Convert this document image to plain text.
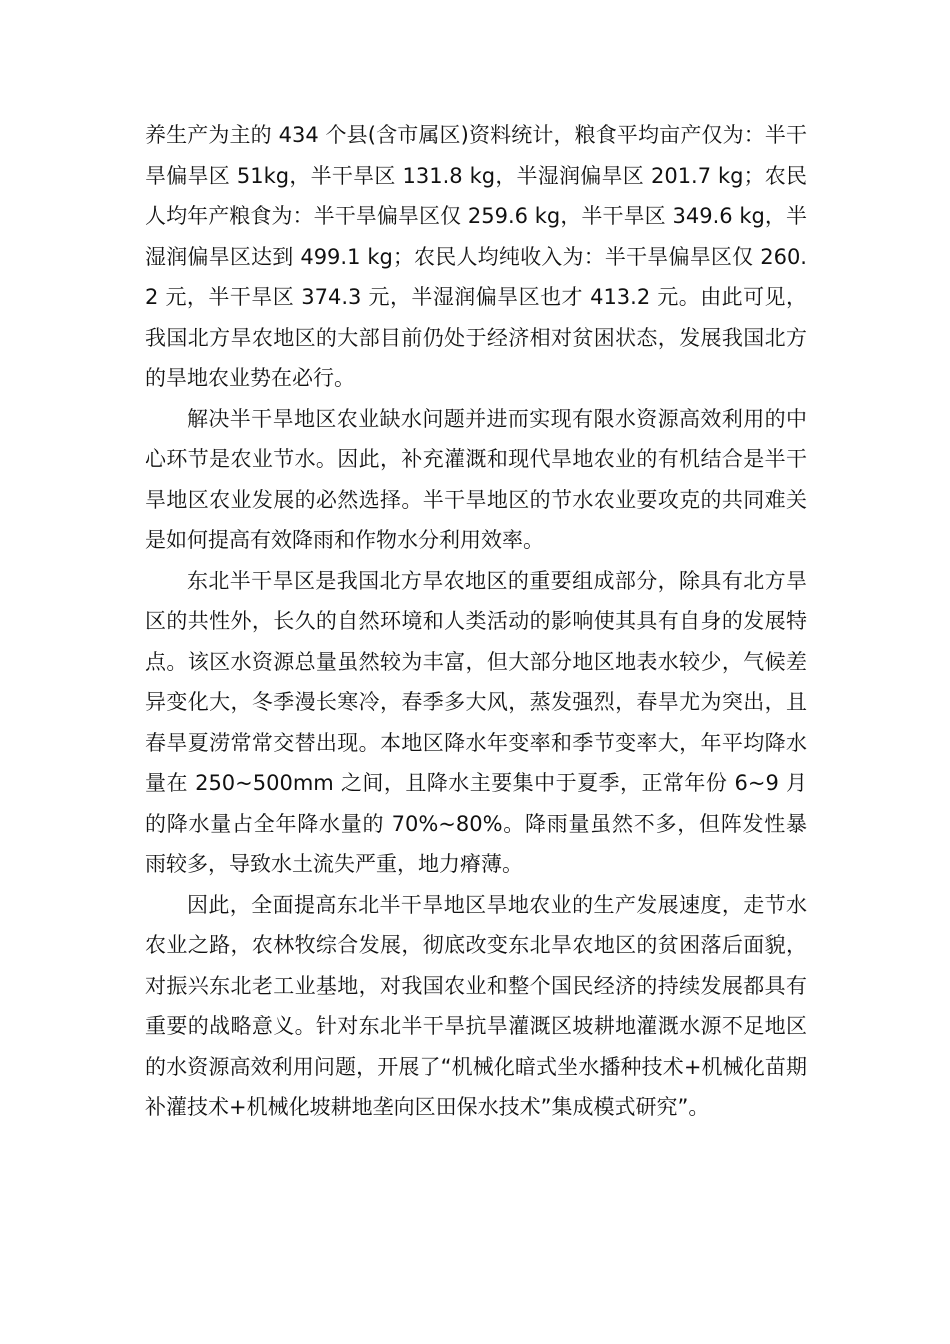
养生产为主的 434 个县(含市属区)资料统计，粮食平均亩产仅为：半干旱偏旱区 51kg，半干旱区 131.8 kg，半湿润偏旱区 201.7 kg；农民人均年产粮食为：半干旱偏旱区仅 259.6 kg，半干旱区 349.6 kg，半湿润偏旱区达到 499.1 kg；农民人均纯收入为：半干旱偏旱区仅 260.2 元，半干旱区 374.3 元，半湿润偏旱区也才 413.2 元。由此可见，我国北方旱农地区的大部目前仍处于经济相对贫困状态，发展我国北方的旱地农业势在必行。

解决半干旱地区农业缺水问题并进而实现有限水资源高效利用的中心环节是农业节水。因此，补充灌溉和现代旱地农业的有机结合是半干旱地区农业发展的必然选择。半干旱地区的节水农业要攻克的共同难关是如何提高有效降雨和作物水分利用效率。

东北半干旱区是我国北方旱农地区的重要组成部分，除具有北方旱区的共性外，长久的自然环境和人类活动的影响使其具有自身的发展特点。该区水资源总量虽然较为丰富，但大部分地区地表水较少，气候差异变化大，冬季漫长寒冷，春季多大风，蒸发强烈，春旱尤为突出，且春旱夏涝常常交替出现。本地区降水年变率和季节变率大，年平均降水量在 250~500mm 之间，且降水主要集中于夏季，正常年份 6~9 月的降水量占全年降水量的 70%~80%。降雨量虽然不多，但阵发性暴雨较多，导致水土流失严重，地力瘠薄。

因此，全面提高东北半干旱地区旱地农业的生产发展速度，走节水农业之路，农林牧综合发展，彻底改变东北旱农地区的贫困落后面貌，对振兴东北老工业基地，对我国农业和整个国民经济的持续发展都具有重要的战略意义。针对东北半干旱抗旱灌溉区坡耕地灌溉水源不足地区的水资源高效利用问题，开展了“机械化暗式坐水播种技术+机械化苗期补灌技术+机械化坡耕地垄向区田保水技术”集成模式研究”。
